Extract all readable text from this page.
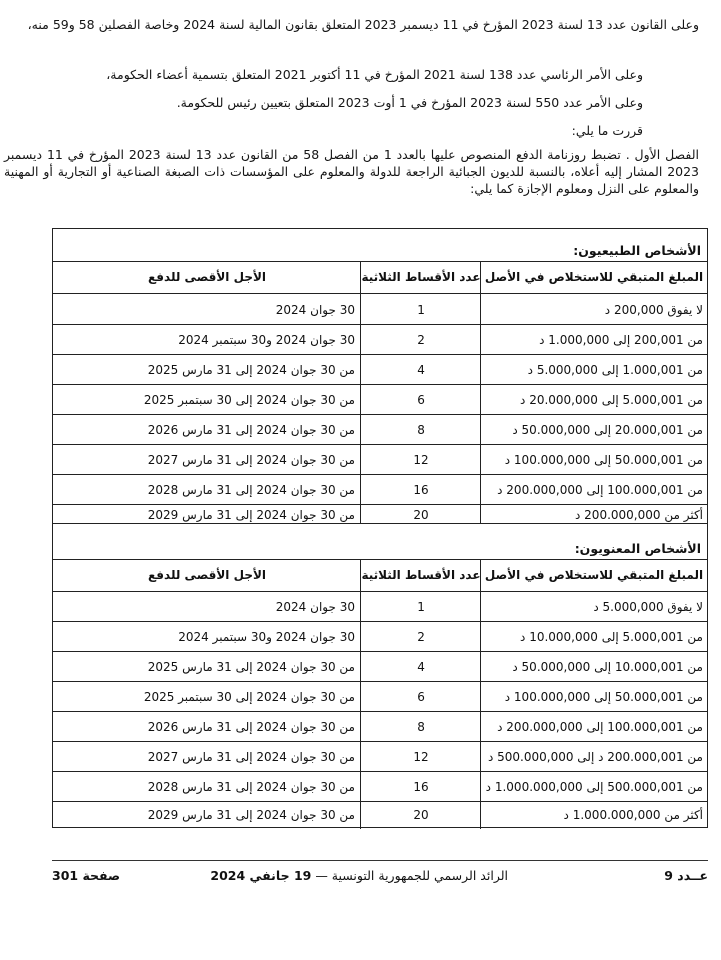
وعلى القانون عدد 13 لسنة 2023 المؤرخ في 11 ديسمبر 2023 المتعلق بقانون المالية لسنة 2024 وخاصة الفصلين 58 و59 منه،
وعلى الأمر الرئاسي عدد 138 لسنة 2021 المؤرخ في 11 أكتوبر 2021 المتعلق بتسمية أعضاء الحكومة،
وعلى الأمر عدد 550 لسنة 2023 المؤرخ في 1 أوت 2023 المتعلق بتعيين رئيس للحكومة.
قررت ما يلي:
الفصل الأول . تضبط روزنامة الدفع المنصوص عليها بالعدد 1 من الفصل 58 من القانون عدد 13 لسنة 2023 المؤرخ في 11 ديسمبر 2023 المشار إليه أعلاه، بالنسبة للديون الجبائية الراجعة للدولة والمعلوم على المؤسسات ذات الصبغة الصناعية أو التجارية أو المهنية والمعلوم على النزل ومعلوم الإجازة كما يلي:
الأشخاص الطبيعيون:
المبلغ المتبقي للاستخلاص في الأصل
عدد الأقساط الثلاثية
الأجل الأقصى للدفع
لا يفوق 200,000 د
1
30 جوان 2024
من 200,001 إلى 1.000,000 د
2
30 جوان 2024 و30 سبتمبر 2024
من 1.000,001 إلى 5.000,000 د
4
من 30 جوان 2024 إلى 31 مارس 2025
من 5.000,001 إلى 20.000,000 د
6
من 30 جوان 2024 إلى 30 سبتمبر 2025
من 20.000,001 إلى 50.000,000 د
8
من 30 جوان 2024 إلى 31 مارس 2026
من 50.000,001 إلى 100.000,000 د
12
من 30 جوان 2024 إلى 31 مارس 2027
من 100.000,001 إلى 200.000,000 د
16
من 30 جوان 2024 إلى 31 مارس 2028
أكثر من 200.000,000 د
20
من 30 جوان 2024 إلى 31 مارس 2029
الأشخاص المعنويون:
المبلغ المتبقي للاستخلاص في الأصل
عدد الأقساط الثلاثية
الأجل الأقصى للدفع
لا يفوق 5.000,000 د
1
30 جوان 2024
من 5.000,001 إلى 10.000,000 د
2
30 جوان 2024 و30 سبتمبر 2024
من 10.000,001 إلى 50.000,000 د
4
من 30 جوان 2024 إلى 31 مارس 2025
من 50.000,001 إلى 100.000,000 د
6
من 30 جوان 2024 إلى 30 سبتمبر 2025
من 100.000,001 إلى 200.000,000 د
8
من 30 جوان 2024 إلى 31 مارس 2026
من 200.000,001 د إلى 500.000,000 د
12
من 30 جوان 2024 إلى 31 مارس 2027
من 500.000,001 إلى 1.000.000,000 د
16
من 30 جوان 2024 إلى 31 مارس 2028
أكثر من 1.000.000,000 د
20
من 30 جوان 2024 إلى 31 مارس 2029
عــدد 9
الرائد الرسمي للجمهورية التونسية — 19 جانفي 2024
صفحة 301
